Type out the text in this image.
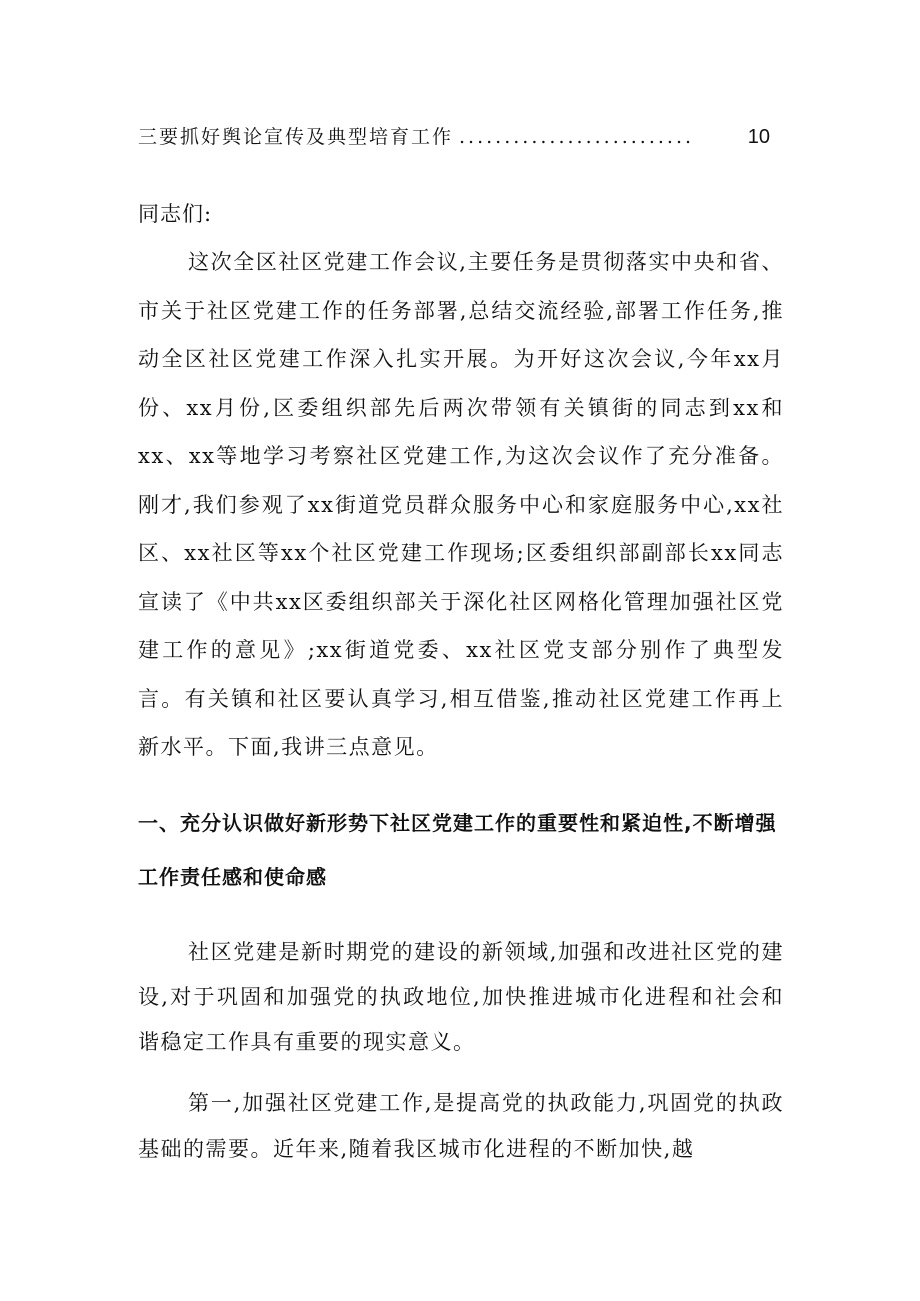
三要抓好舆论宣传及典型培育工作 ..........................	10
同志们:

这次全区社区党建工作会议,主要任务是贯彻落实中央和省、市关于社区党建工作的任务部署,总结交流经验,部署工作任务,推动全区社区党建工作深入扎实开展。为开好这次会议,今年xx月份、xx月份,区委组织部先后两次带领有关镇街的同志到xx和xx、xx等地学习考察社区党建工作,为这次会议作了充分准备。刚才,我们参观了xx街道党员群众服务中心和家庭服务中心,xx社区、xx社区等xx个社区党建工作现场;区委组织部副部长xx同志宣读了《中共xx区委组织部关于深化社区网格化管理加强社区党建工作的意见》;xx街道党委、xx社区党支部分别作了典型发言。有关镇和社区要认真学习,相互借鉴,推动社区党建工作再上新水平。下面,我讲三点意见。

一、充分认识做好新形势下社区党建工作的重要性和紧迫性,不断增强工作责任感和使命感

社区党建是新时期党的建设的新领域,加强和改进社区党的建设,对于巩固和加强党的执政地位,加快推进城市化进程和社会和谐稳定工作具有重要的现实意义。

第一,加强社区党建工作,是提高党的执政能力,巩固党的执政基础的需要。近年来,随着我区城市化进程的不断加快,越
